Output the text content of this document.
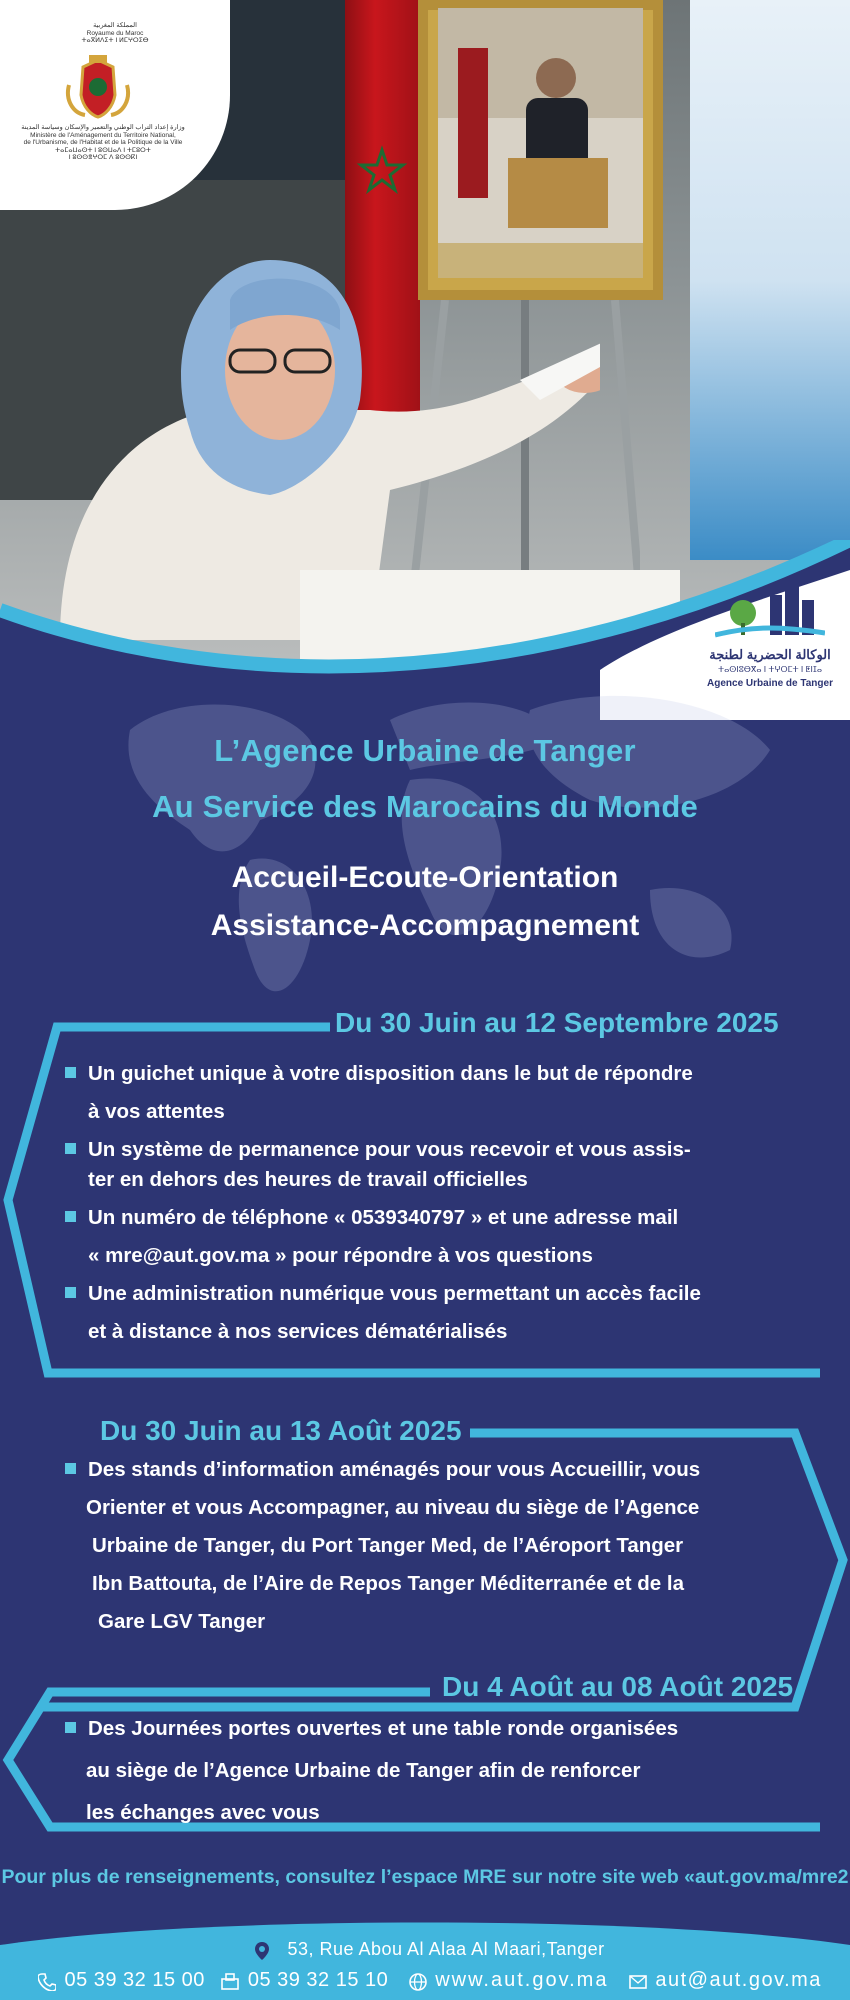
المملكة المغربية
Royaume du Maroc
ⵜⴰⴳⵍⴷⵉⵜ ⵏ ⵍⵎⵖⵔⵉⴱ
وزارة إعداد التراب الوطني والتعمير والإسكان وسياسة المدينة
Ministère de l'Aménagement du Territoire National,
de l'Urbanisme, de l'Habitat et de la Politique de la Ville
ⵜⴰⵎⴰⵡⴰⵙⵜ ⵏ ⵓⵙⵡⴰⴷ ⵏ ⵜⵎⵓⵔⵜ
ⵏ ⵓⵙⵙⴻⵖⵔⵎ ⴷ ⵓⵙⵙⴽⵏ
الوكالة الحضرية لطنجة
ⵜⴰⵙⵏⵓⴱⴳⴰ ⵏ ⵜⵖⵔⵎⵜ ⵏ ⵟⵏⵊⴰ
Agence Urbaine de Tanger
L’Agence Urbaine de Tanger
Au Service des Marocains du Monde
Accueil-Ecoute-Orientation
Assistance-Accompagnement
Du 30 Juin au 12 Septembre 2025
Un guichet unique à votre disposition dans le but de répondre
à vos attentes
Un système de permanence pour vous recevoir et vous assis-
ter en dehors des heures de travail officielles
Un numéro de téléphone « 0539340797 » et une adresse mail
« mre@aut.gov.ma » pour répondre à vos questions
Une administration numérique vous permettant un accès facile
et à distance à nos services dématérialisés
Du 30 Juin au 13 Août 2025
Des stands d’information aménagés pour vous Accueillir, vous
Orienter et vous Accompagner, au niveau du siège de l’Agence
Urbaine de Tanger, du Port Tanger Med, de l’Aéroport Tanger
Ibn Battouta, de l’Aire de Repos Tanger Méditerranée et de la
Gare LGV Tanger
Du 4 Août au 08 Août 2025
Des Journées portes ouvertes et une table ronde organisées
au siège de l’Agence Urbaine de Tanger afin de renforcer
les échanges avec vous
Pour plus de renseignements, consultez l’espace MRE sur notre site web «aut.gov.ma/mre2
53, Rue Abou Al Alaa Al Maari,Tanger
05 39 32 15 00 05 39 32 15 10 www.aut.gov.ma aut@aut.gov.ma
